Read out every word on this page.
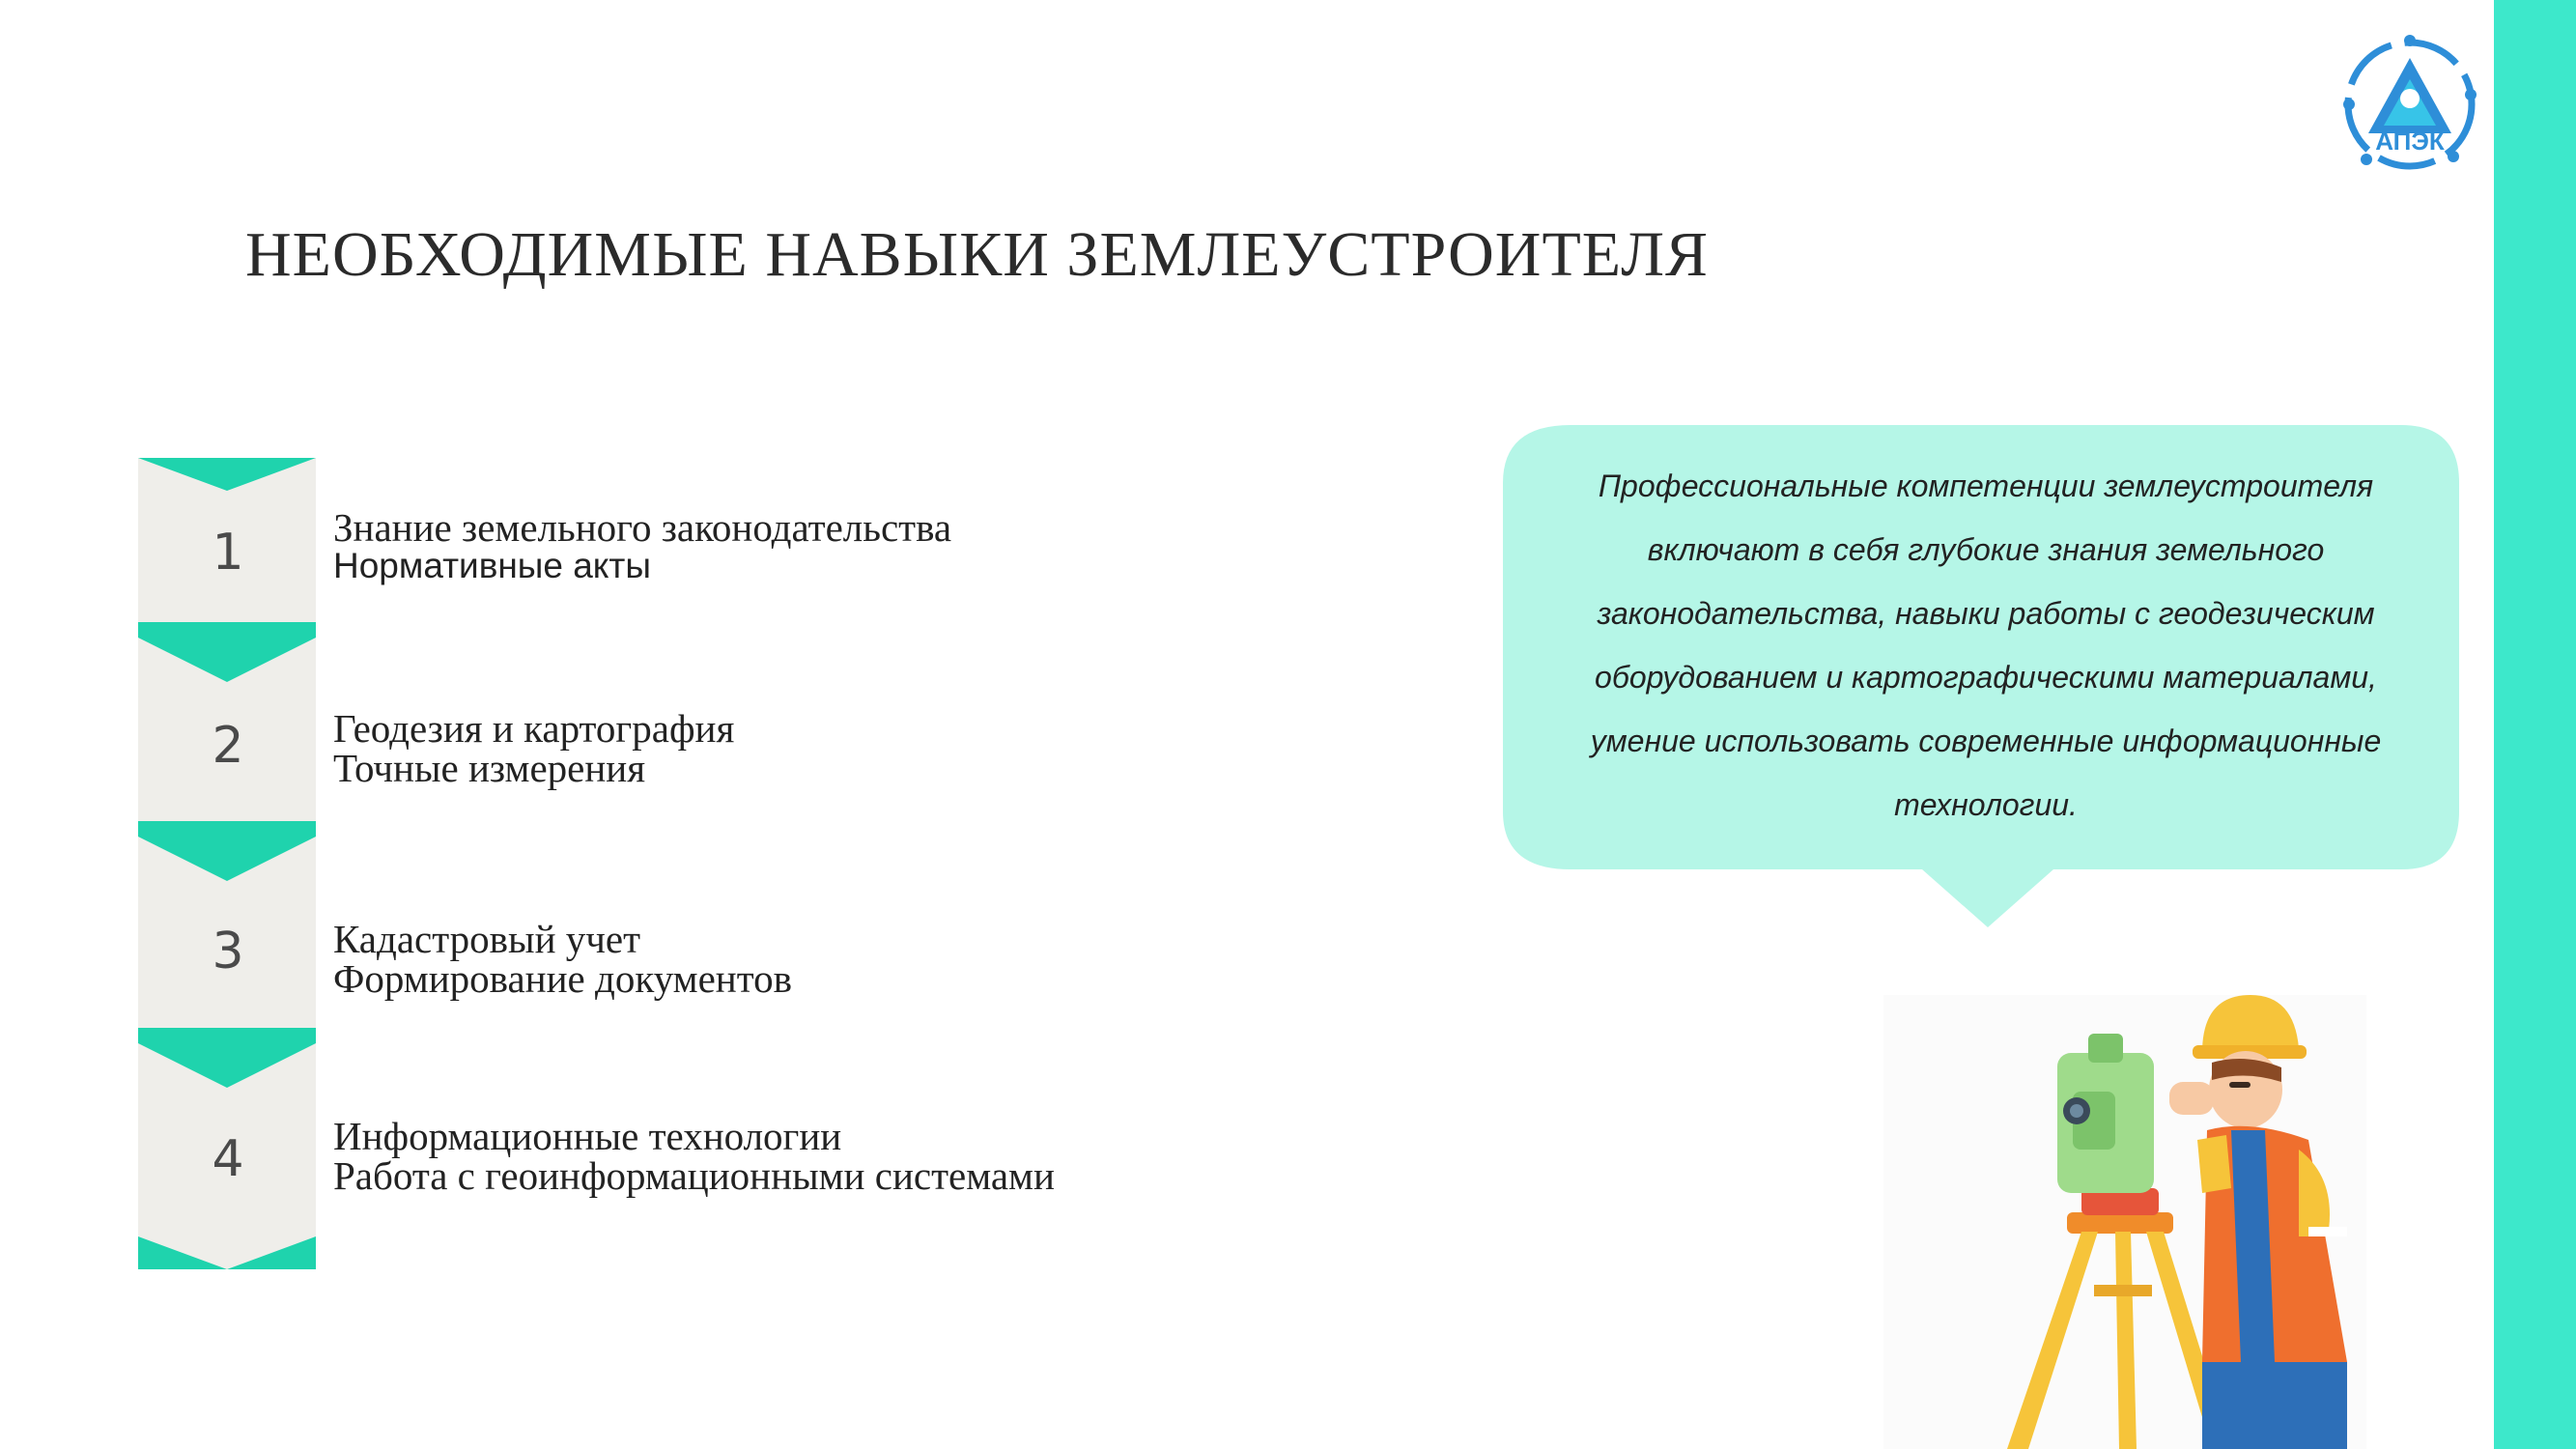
АПЭК
НЕОБХОДИМЫЕ НАВЫКИ ЗЕМЛЕУСТРОИТЕЛЯ
1
2
3
4
Знание земельного законодательства
Нормативные акты
Геодезия и картография
Точные измерения
Кадастровый учет
Формирование документов
Информационные технологии
Работа с геоинформационными системами

Профессиональные компетенции землеустроителя включают в себя глубокие знания земельного законодательства, навыки работы с геодезическим оборудованием и картографическими материалами, умение использовать современные информационные технологии.
